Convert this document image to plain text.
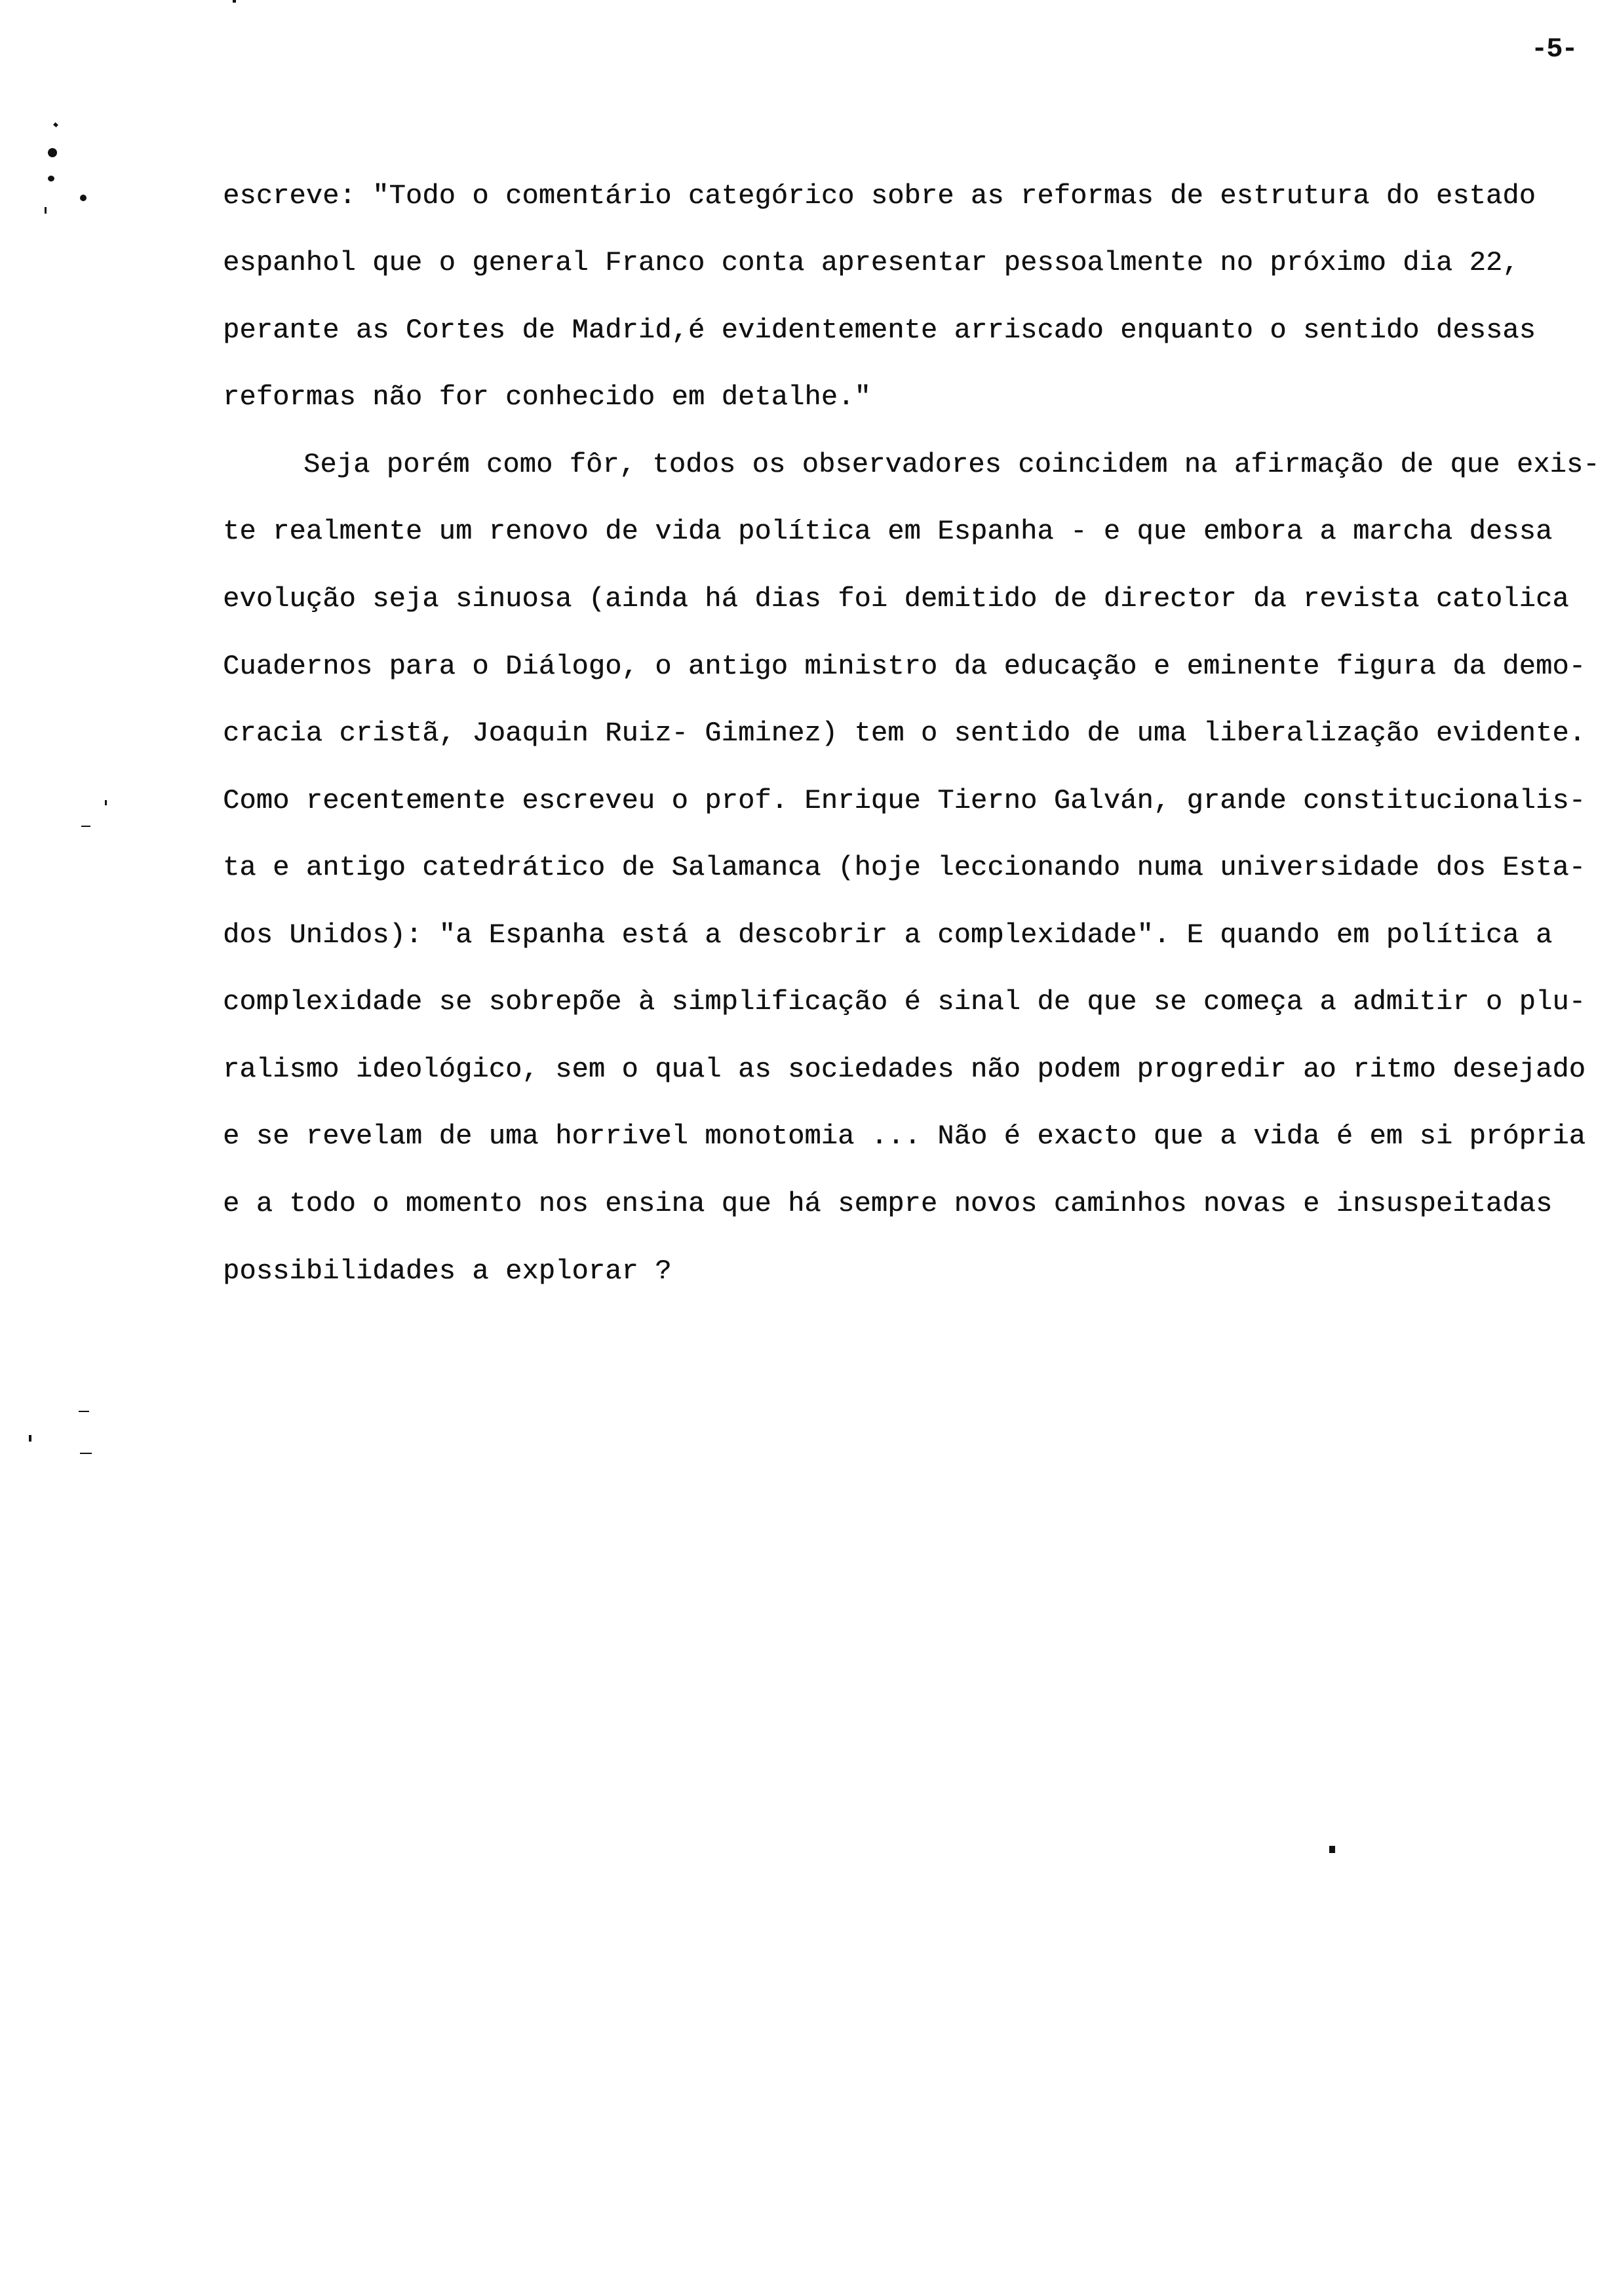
-5-
escreve: "Todo o comentário categórico sobre as reformas de estrutura do estado
espanhol que o general Franco conta apresentar pessoalmente no próximo dia 22,
perante as Cortes de Madrid,é evidentemente arriscado enquanto o sentido dessas
reformas não for conhecido em detalhe."
Seja porém como fôr, todos os observadores coincidem na afirmação de que exis-
te realmente um renovo de vida política em Espanha - e que embora a marcha dessa
evolução seja sinuosa (ainda há dias foi demitido de director da revista catolica
Cuadernos para o Diálogo, o antigo ministro da educação e eminente figura da demo-
cracia cristã, Joaquin Ruiz- Giminez) tem o sentido de uma liberalização evidente.
Como recentemente escreveu o prof. Enrique Tierno Galván, grande constitucionalis-
ta e antigo catedrático de Salamanca (hoje leccionando numa universidade dos Esta-
dos Unidos): "a Espanha está a descobrir a complexidade". E quando em política a
complexidade se sobrepõe à simplificação é sinal de que se começa a admitir o plu-
ralismo ideológico, sem o qual as sociedades não podem progredir ao ritmo desejado
e se revelam de uma horrivel monotomia ... Não é exacto que a vida é em si própria
e a todo o momento nos ensina que há sempre novos caminhos novas e insuspeitadas
possibilidades a explorar ?
